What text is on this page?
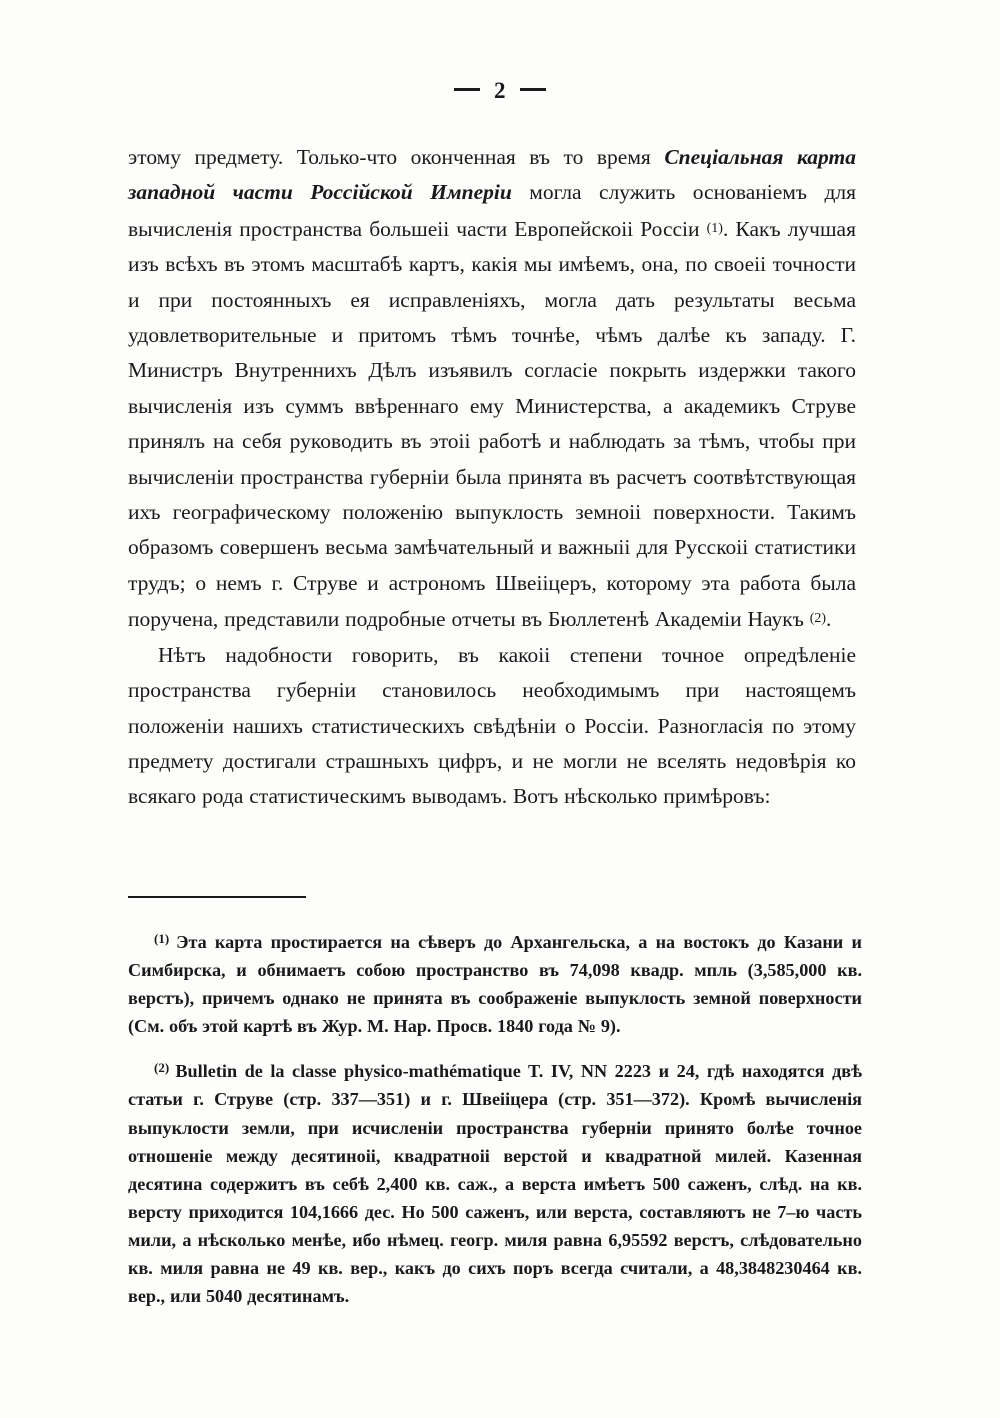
2

этому предмету. Только-что оконченная въ то время Спеціальная карта западной части Россійской Имперіи могла служить основаніемъ для вычисленія пространства большеіі части Европейскоіі Россіи (1). Какъ лучшая изъ всѣхъ въ этомъ масштабѣ картъ, какія мы имѣемъ, она, по своеіі точности и при постоянныхъ ея исправленіяхъ, могла дать результаты весьма удовлетворительные и притомъ тѣмъ точнѣе, чѣмъ далѣе къ западу. Г. Министръ Внутреннихъ Дѣлъ изъявилъ согласіе покрыть издержки такого вычисленія изъ суммъ ввѣреннаго ему Министерства, а академикъ Струве принялъ на себя руководить въ этоіі работѣ и наблюдать за тѣмъ, чтобы при вычисленіи пространства губерніи была принята въ расчетъ соотвѣтствующая ихъ географическому положенію выпуклость земноіі поверхности. Такимъ образомъ совершенъ весьма замѣчательный и важныіі для Русскоіі статистики трудъ; о немъ г. Струве и астрономъ Швеііцеръ, которому эта работа была поручена, представили подробные отчеты въ Бюллетенѣ Академіи Наукъ (2).

Нѣтъ надобности говорить, въ какоіі степени точное опредѣленіе пространства губерніи становилось необходимымъ при настоящемъ положеніи нашихъ статистическихъ свѣдѣніи о Россіи. Разногласія по этому предмету достигали страшныхъ цифръ, и не могли не вселять недовѣрія ко всякаго рода статистическимъ выводамъ. Вотъ нѣсколько примѣровъ:

$^{(1)}$ Эта карта простирается на сѣверъ до Архангельска, а на востокъ до Казани и Симбирска, и обнимаетъ собою пространство въ 74,098 квадр. мпль (3,585,000 кв. верстъ), причемъ однако не принята въ соображеніе выпуклость земной поверхности (См. объ этой картѣ въ Жур. М. Нар. Просв. 1840 года № 9).

$^{(2)}$ Bulletin de la classe physico-mathématique T. IV, NN 2223 и 24, гдѣ находятся двѣ статьи г. Струве (стр. 337—351) и г. Швеііцера (стр. 351—372). Кромѣ вычисленія выпуклости земли, при исчисленіи пространства губерніи принято болѣе точное отношеніе между десятиноіі, квадратноіі верстой и квадратной милей. Казенная десятина содержитъ въ себѣ 2,400 кв. саж., а верста имѣетъ 500 саженъ, слѣд. на кв. версту приходится 104,1666 дес. Но 500 саженъ, или верста, составляютъ не 7–ю часть мили, а нѣсколько менѣе, ибо нѣмец. геогр. миля равна 6,95592 верстъ, слѣдовательно кв. миля равна не 49 кв. вер., какъ до сихъ поръ всегда считали, а 48,3848230464 кв. вер., или 5040 десятинамъ.
